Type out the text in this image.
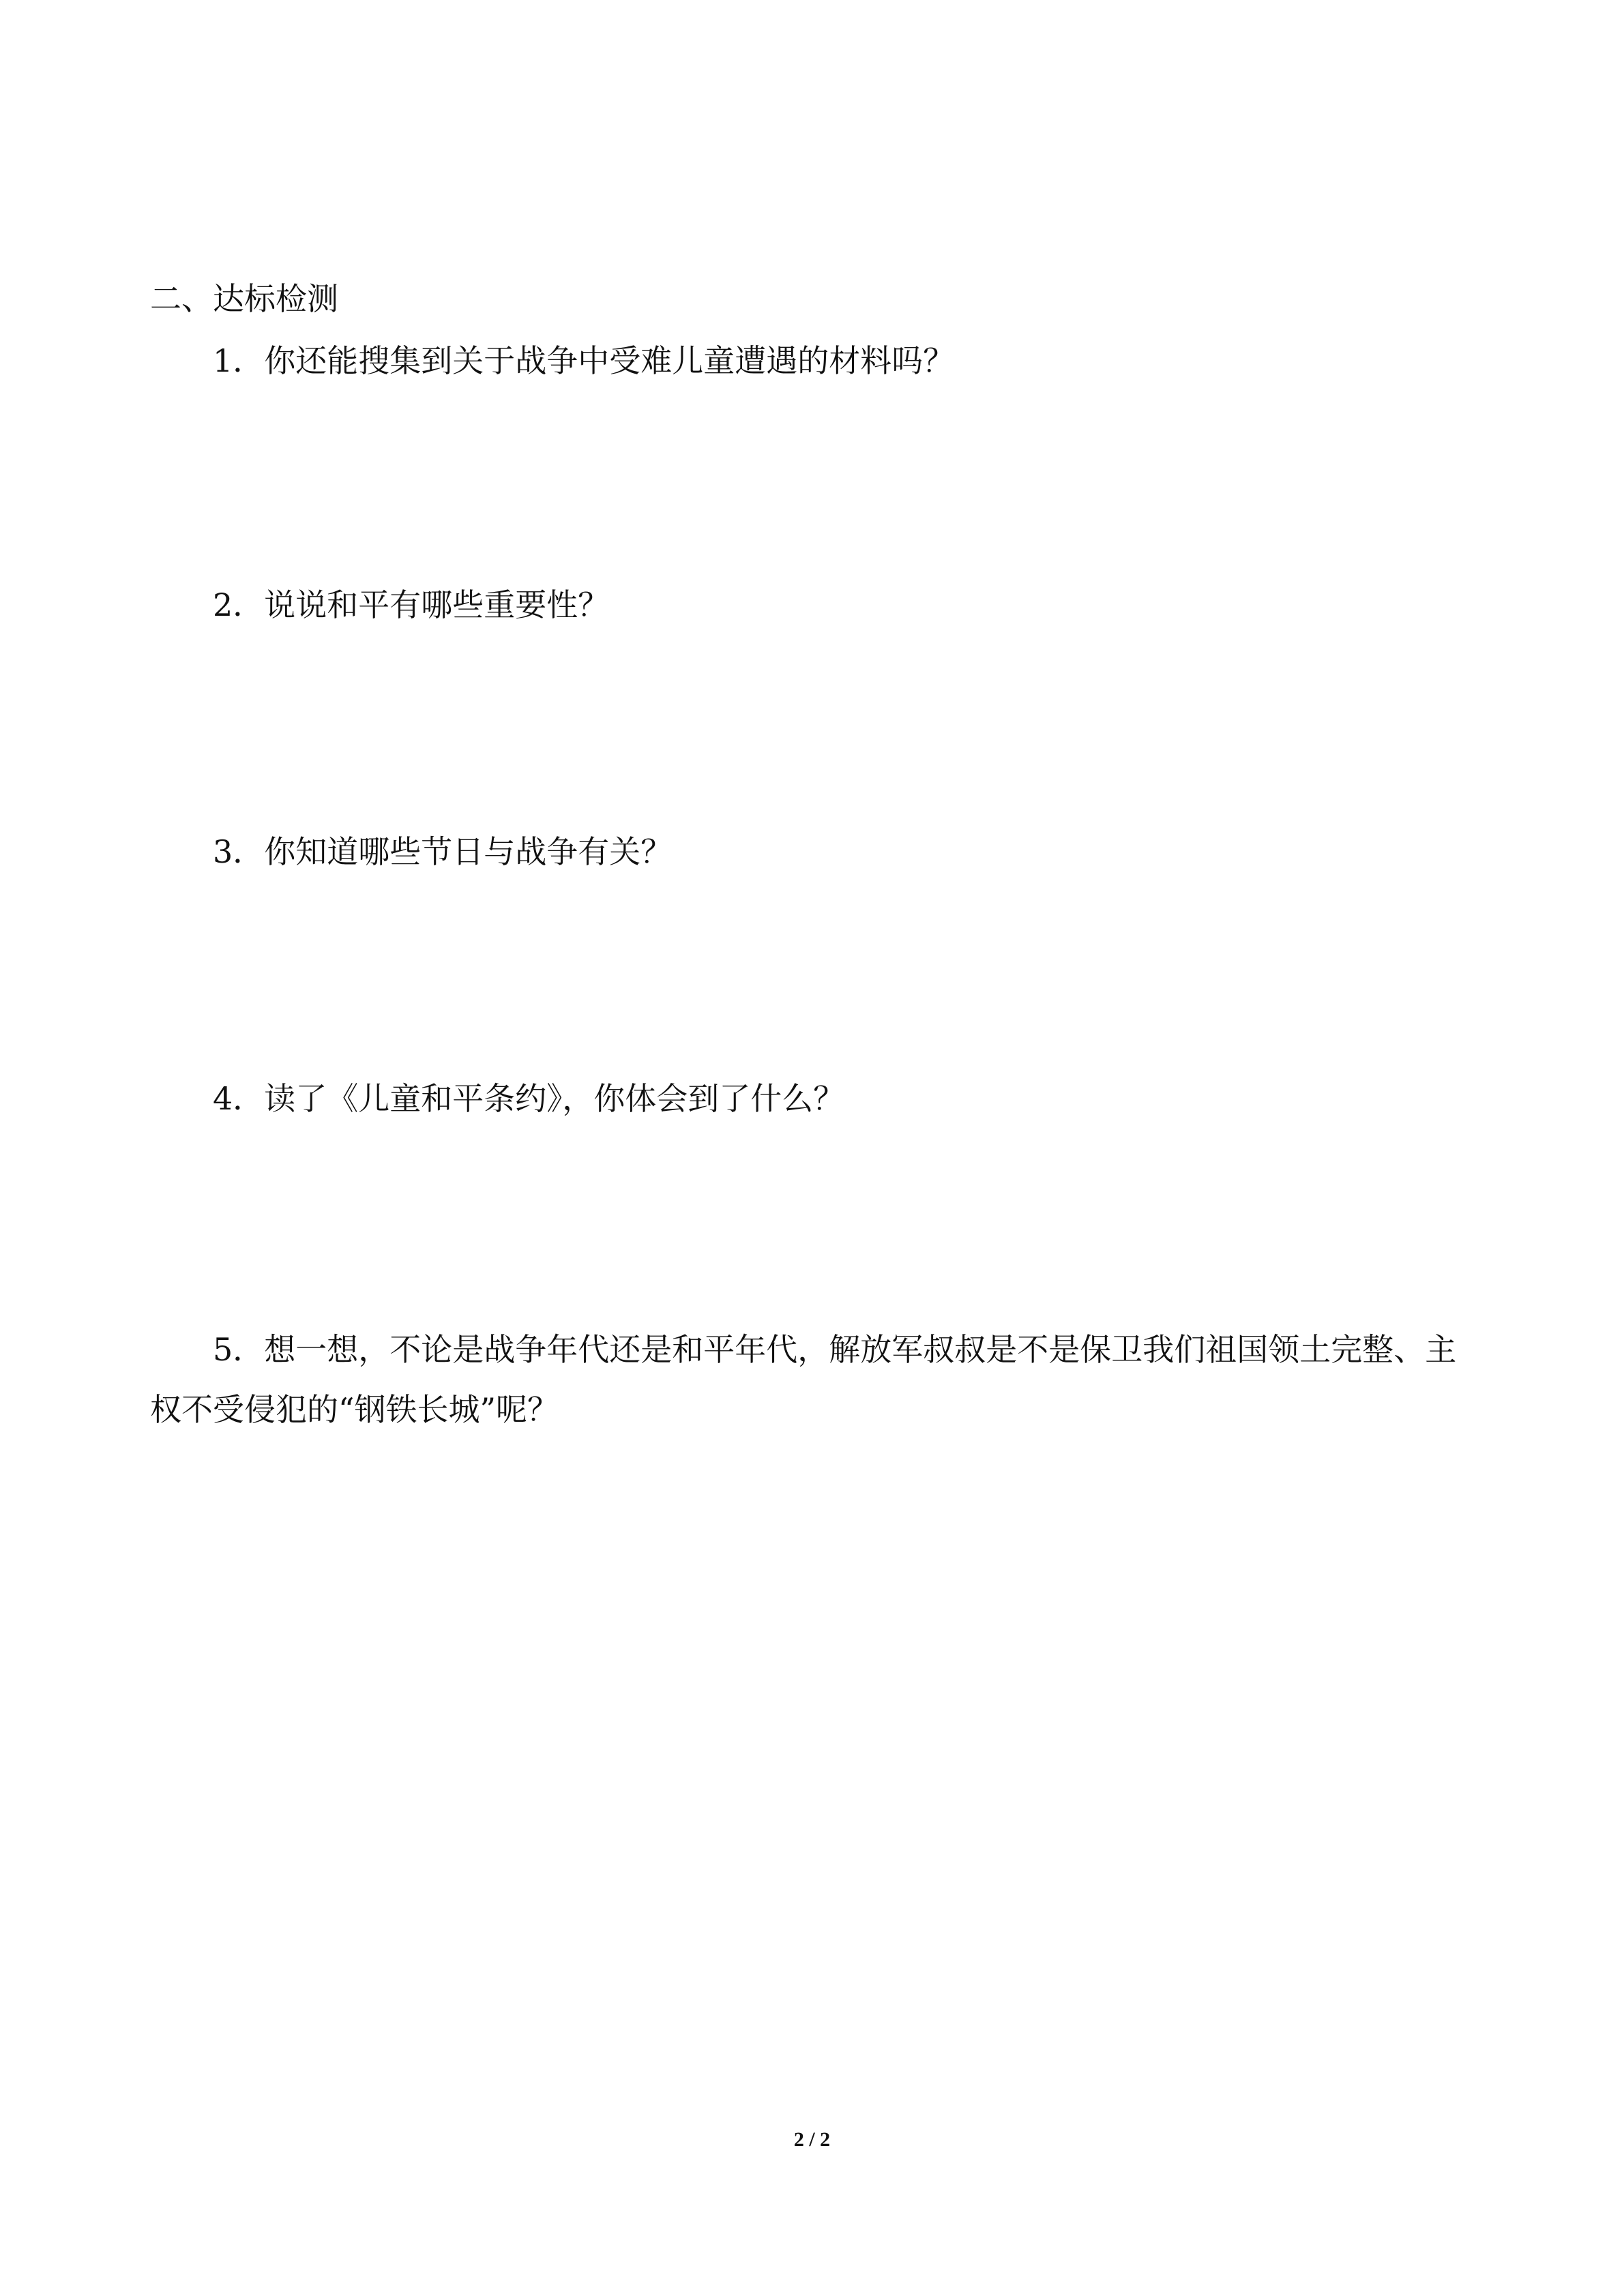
二、达标检测

1．你还能搜集到关于战争中受难儿童遭遇的材料吗？

2．说说和平有哪些重要性？

3．你知道哪些节日与战争有关？

4．读了《儿童和平条约》，你体会到了什么？

5．想一想，不论是战争年代还是和平年代，解放军叔叔是不是保卫我们祖国领土完整、主权不受侵犯的“钢铁长城”呢？

2 / 2
